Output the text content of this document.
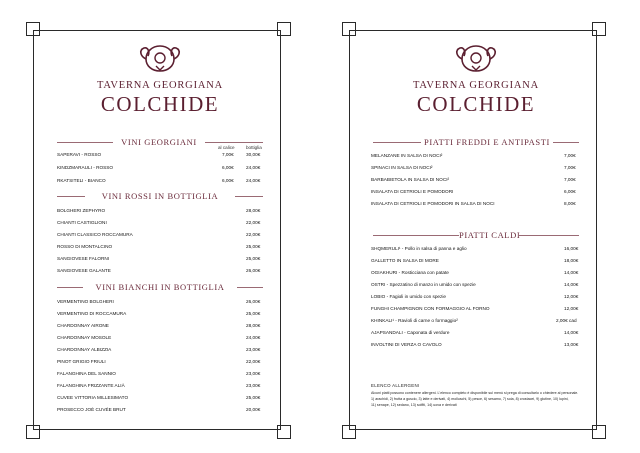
TAVERNA GEORGIANA
COLCHIDE
VINI GEORGIANI
al calice bottiglia
SAPERAVI - ROSSO	7,00€	30,00€
KINDZMARAULI - ROSSO	6,00€	24,00€
RKATSITELI - BIANCO	6,00€	24,00€
VINI ROSSI IN BOTTIGLIA
BOLGHERI ZEPHYRO	28,00€
CHIANTI CASTIGLIONI	22,00€
CHIANTI CLASSICO ROCCAMURA	22,00€
ROSSO DI MONTALCINO	25,00€
SANGIOVESE FALORNI	25,00€
SANGIOVESE GALANTE	26,00€
VINI BIANCHI IN BOTTIGLIA
VERMENTINO BOLGHERI	26,00€
VERMENTINO DI ROCCAMURA	25,00€
CHARDONNAY AIRONE	28,00€
CHARDONNAY MOSOLE	24,00€
CHARDONNAY ALBIZZIA	23,00€
PINOT GRIGIO FRIULI	22,00€
FALANGHINA DEL SANNIO	23,00€
FALANGHINA FRIZZANTE ALIÀ	23,00€
CUVEE VITTORIA MILLESIMATO	25,00€
PROSECCO JOÈ CUVÉE BRUT	20,00€
TAVERNA GEORGIANA
COLCHIDE
PIATTI FREDDI E ANTIPASTI
MELANZANE IN SALSA DI NOCI²	7,00€
SPINACI IN SALSA DI NOCI²	7,00€
BARBABIETOLA IN SALSA DI NOCI²	7,00€
INSALATA DI CETRIOLI E POMODORI	6,00€
INSALATA DI CETRIOLI E POMODORI IN SALSA DI NOCI	8,00€
PIATTI CALDI
SHQMERULI¹ - Pollo in salsa di panna e aglio	16,00€
GALLETTO IN SALSA DI MORE	18,00€
OGIAKHURI - Rosticciana con patate	14,00€
OSTRI - Spezzatino di manzo in umido con spezie	14,00€
LOBIO - Fagioli in umido con spezie	12,00€
FUNGHI CHAMPIGNON CON FORMAGGIO AL FORNO	12,00€
KHINKALI¹ - Ravioli di carne o formaggio²	2,00€ cad
AJAPSANDALI - Caponata di verdure	14,00€
INVOLTINI DI VERZA O CAVOLO	13,00€
ELENCO ALLERGENI
Alcuni piatti possono contenere allergeni. L'elenco completo è disponibile sul menù si prega di consultarlo o chiedere al personale.
1) arachidi, 2) frutta a guscio, 3) latte e derivati, 4) molluschi, 5) pesce, 6) sesamo, 7) soia, 8) crostacei, 9) glutine, 10) lupini,
11) senape, 12) sedano, 13) solfiti, 14) uova e derivati
